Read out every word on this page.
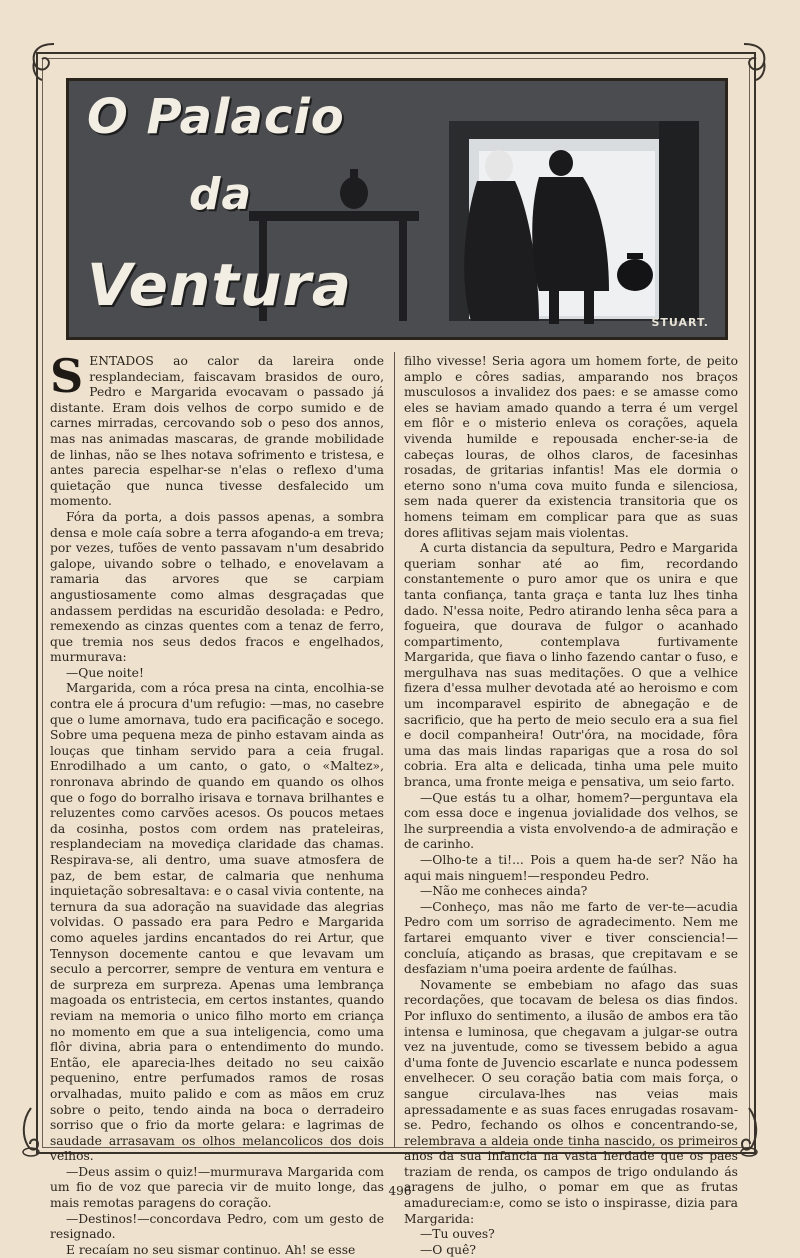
O Palacio
da
Ventura
STUART.

SENTADOS ao calor da lareira onde resplandeciam, faiscavam brasidos de ouro, Pedro e Margarida evocavam o passado já distante. Eram dois velhos de corpo sumido e de carnes mirradas, cercovando sob o peso dos annos, mas nas animadas mascaras, de grande mobilidade de linhas, não se lhes notava sofrimento e tristesa, e antes parecia espelhar-se n'elas o reflexo d'uma quietação que nunca tivesse desfalecido um momento.

Fóra da porta, a dois passos apenas, a sombra densa e mole caía sobre a terra afogando-a em treva; por vezes, tufões de vento passavam n'um desabrido galope, uivando sobre o telhado, e enovelavam a ramaria das arvores que se carpiam angustiosamente como almas desgraçadas que andassem perdidas na escuridão desolada: e Pedro, remexendo as cinzas quentes com a tenaz de ferro, que tremia nos seus dedos fracos e engelhados, murmurava:

—Que noite!

Margarida, com a róca presa na cinta, encolhia-se contra ele á procura d'um refugio: —mas, no casebre que o lume amornava, tudo era pacificação e socego. Sobre uma pequena meza de pinho estavam ainda as louças que tinham servido para a ceia frugal. Enrodilhado a um canto, o gato, o «Maltez», ronronava abrindo de quando em quando os olhos que o fogo do borralho irisava e tornava brilhantes e reluzentes como carvões acesos. Os poucos metaes da cosinha, postos com ordem nas prateleiras, resplandeciam na movediça claridade das chamas. Respirava-se, ali dentro, uma suave atmosfera de paz, de bem estar, de calmaria que nenhuma inquietação sobresaltava: e o casal vivia contente, na ternura da sua adoração na suavidade das alegrias volvidas. O passado era para Pedro e Margarida como aqueles jardins encantados do rei Artur, que Tennyson docemente cantou e que levavam um seculo a percorrer, sempre de ventura em ventura e de surpreza em surpreza. Apenas uma lembrança magoada os entristecia, em certos instantes, quando reviam na memoria o unico filho morto em criança no momento em que a sua inteligencia, como uma flôr divina, abria para o entendimento do mundo. Então, ele aparecia-lhes deitado no seu caixão pequenino, entre perfumados ramos de rosas orvalhadas, muito palido e com as mãos em cruz sobre o peito, tendo ainda na boca o derradeiro sorriso que o frio da morte gelara: e lagrimas de saudade arrasavam os olhos melancolicos dos dois velhos.

—Deus assim o quiz!—murmurava Margarida com um fio de voz que parecia vir de muito longe, das mais remotas paragens do coração.

—Destinos!—concordava Pedro, com um gesto de resignado.

E recaíam no seu sismar continuo. Ah! se esse

filho vivesse! Seria agora um homem forte, de peito amplo e côres sadias, amparando nos braços musculosos a invalidez dos paes: e se amasse como eles se haviam amado quando a terra é um vergel em flôr e o misterio enleva os corações, aquela vivenda humilde e repousada encher-se-ia de cabeças louras, de olhos claros, de facesinhas rosadas, de gritarias infantis! Mas ele dormia o eterno sono n'uma cova muito funda e silenciosa, sem nada querer da existencia transitoria que os homens teimam em complicar para que as suas dores aflitivas sejam mais violentas.

A curta distancia da sepultura, Pedro e Margarida queriam sonhar até ao fim, recordando constantemente o puro amor que os unira e que tanta confiança, tanta graça e tanta luz lhes tinha dado. N'essa noite, Pedro atirando lenha sêca para a fogueira, que dourava de fulgor o acanhado compartimento, contemplava furtivamente Margarida, que fiava o linho fazendo cantar o fuso, e mergulhava nas suas meditações. O que a velhice fizera d'essa mulher devotada até ao heroismo e com um incomparavel espirito de abnegação e de sacrificio, que ha perto de meio seculo era a sua fiel e docil companheira! Outr'óra, na mocidade, fôra uma das mais lindas raparigas que a rosa do sol cobria. Era alta e delicada, tinha uma pele muito branca, uma fronte meiga e pensativa, um seio farto.

—Que estás tu a olhar, homem?—perguntava ela com essa doce e ingenua jovialidade dos velhos, se lhe surpreendia a vista envolvendo-a de admiração e de carinho.

—Olho-te a ti!... Pois a quem ha-de ser? Não ha aqui mais ninguem!—respondeu Pedro.

—Não me conheces ainda?

—Conheço, mas não me farto de ver-te—acudia Pedro com um sorriso de agradecimento. Nem me fartarei emquanto viver e tiver consciencia!—concluía, atiçando as brasas, que crepitavam e se desfaziam n'uma poeira ardente de faúlhas.

Novamente se embebiam no afago das suas recordações, que tocavam de belesa os dias findos. Por influxo do sentimento, a ilusão de ambos era tão intensa e luminosa, que chegavam a julgar-se outra vez na juventude, como se tivessem bebido a agua d'uma fonte de Juvencio escarlate e nunca podessem envelhecer. O seu coração batia com mais força, o sangue circulava-lhes nas veias mais apressadamente e as suas faces enrugadas rosavam-se. Pedro, fechando os olhos e concentrando-se, relembrava a aldeia onde tinha nascido, os primeiros anos da sua infancia na vasta herdade que os paes traziam de renda, os campos de trigo ondulando ás aragens de julho, o pomar em que as frutas amadureciam:e, como se isto o inspirasse, dizia para Margarida:

—Tu ouves?

—O quê?

496
